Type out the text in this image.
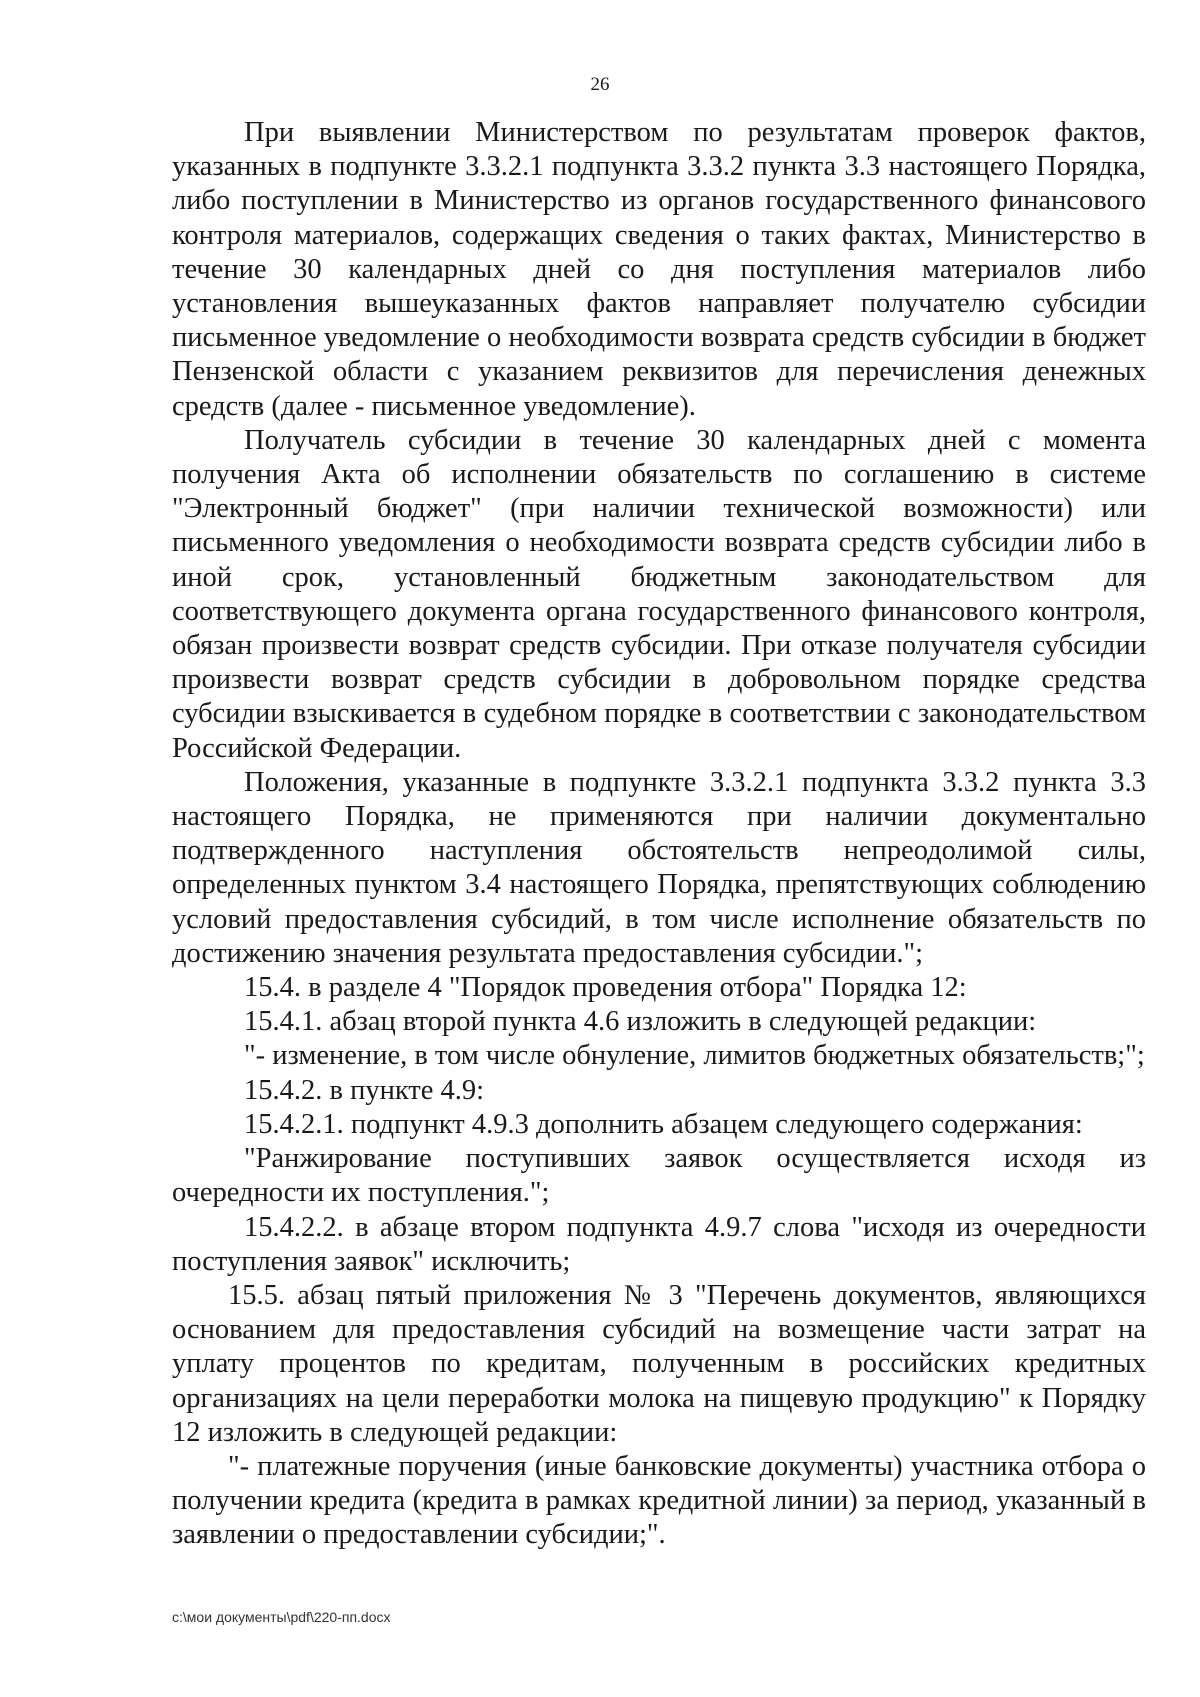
26

При выявлении Министерством по результатам проверок фактов, указанных в подпункте 3.3.2.1 подпункта 3.3.2 пункта 3.3 настоящего Порядка, либо поступлении в Министерство из органов государственного финансового контроля материалов, содержащих сведения о таких фактах, Министерство в течение 30 календарных дней со дня поступления материалов либо установления вышеуказанных фактов направляет получателю субсидии письменное уведомление о необходимости возврата средств субсидии в бюджет Пензенской области с указанием реквизитов для перечисления денежных средств (далее - письменное уведомление).

Получатель субсидии в течение 30 календарных дней с момента получения Акта об исполнении обязательств по соглашению в системе "Электронный бюджет" (при наличии технической возможности) или письменного уведомления о необходимости возврата средств субсидии либо в иной срок, установленный бюджетным законодательством для соответствующего документа органа государственного финансового контроля, обязан произвести возврат средств субсидии. При отказе получателя субсидии произвести возврат средств субсидии в добровольном порядке средства субсидии взыскивается в судебном порядке в соответствии с законодательством Российской Федерации.

Положения, указанные в подпункте 3.3.2.1 подпункта 3.3.2 пункта 3.3 настоящего Порядка, не применяются при наличии документально подтвержденного наступления обстоятельств непреодолимой силы, определенных пунктом 3.4 настоящего Порядка, препятствующих соблюдению условий предоставления субсидий, в том числе исполнение обязательств по достижению значения результата предоставления субсидии.";

15.4. в разделе 4 "Порядок проведения отбора" Порядка 12:

15.4.1. абзац второй пункта 4.6 изложить в следующей редакции:

"- изменение, в том числе обнуление, лимитов бюджетных обязательств;";

15.4.2. в пункте 4.9:

15.4.2.1. подпункт 4.9.3 дополнить абзацем следующего содержания:

"Ранжирование поступивших заявок осуществляется исходя из очередности их поступления.";

15.4.2.2. в абзаце втором подпункта 4.9.7 слова "исходя из очередности поступления заявок" исключить;

15.5. абзац пятый приложения № 3 "Перечень документов, являющихся основанием для предоставления субсидий на возмещение части затрат на уплату процентов по кредитам, полученным в российских кредитных организациях на цели переработки молока на пищевую продукцию" к Порядку 12 изложить в следующей редакции:

"- платежные поручения (иные банковские документы) участника отбора о получении кредита (кредита в рамках кредитной линии) за период, указанный в заявлении о предоставлении субсидии;".

c:\мои документы\pdf\220-пп.docx
